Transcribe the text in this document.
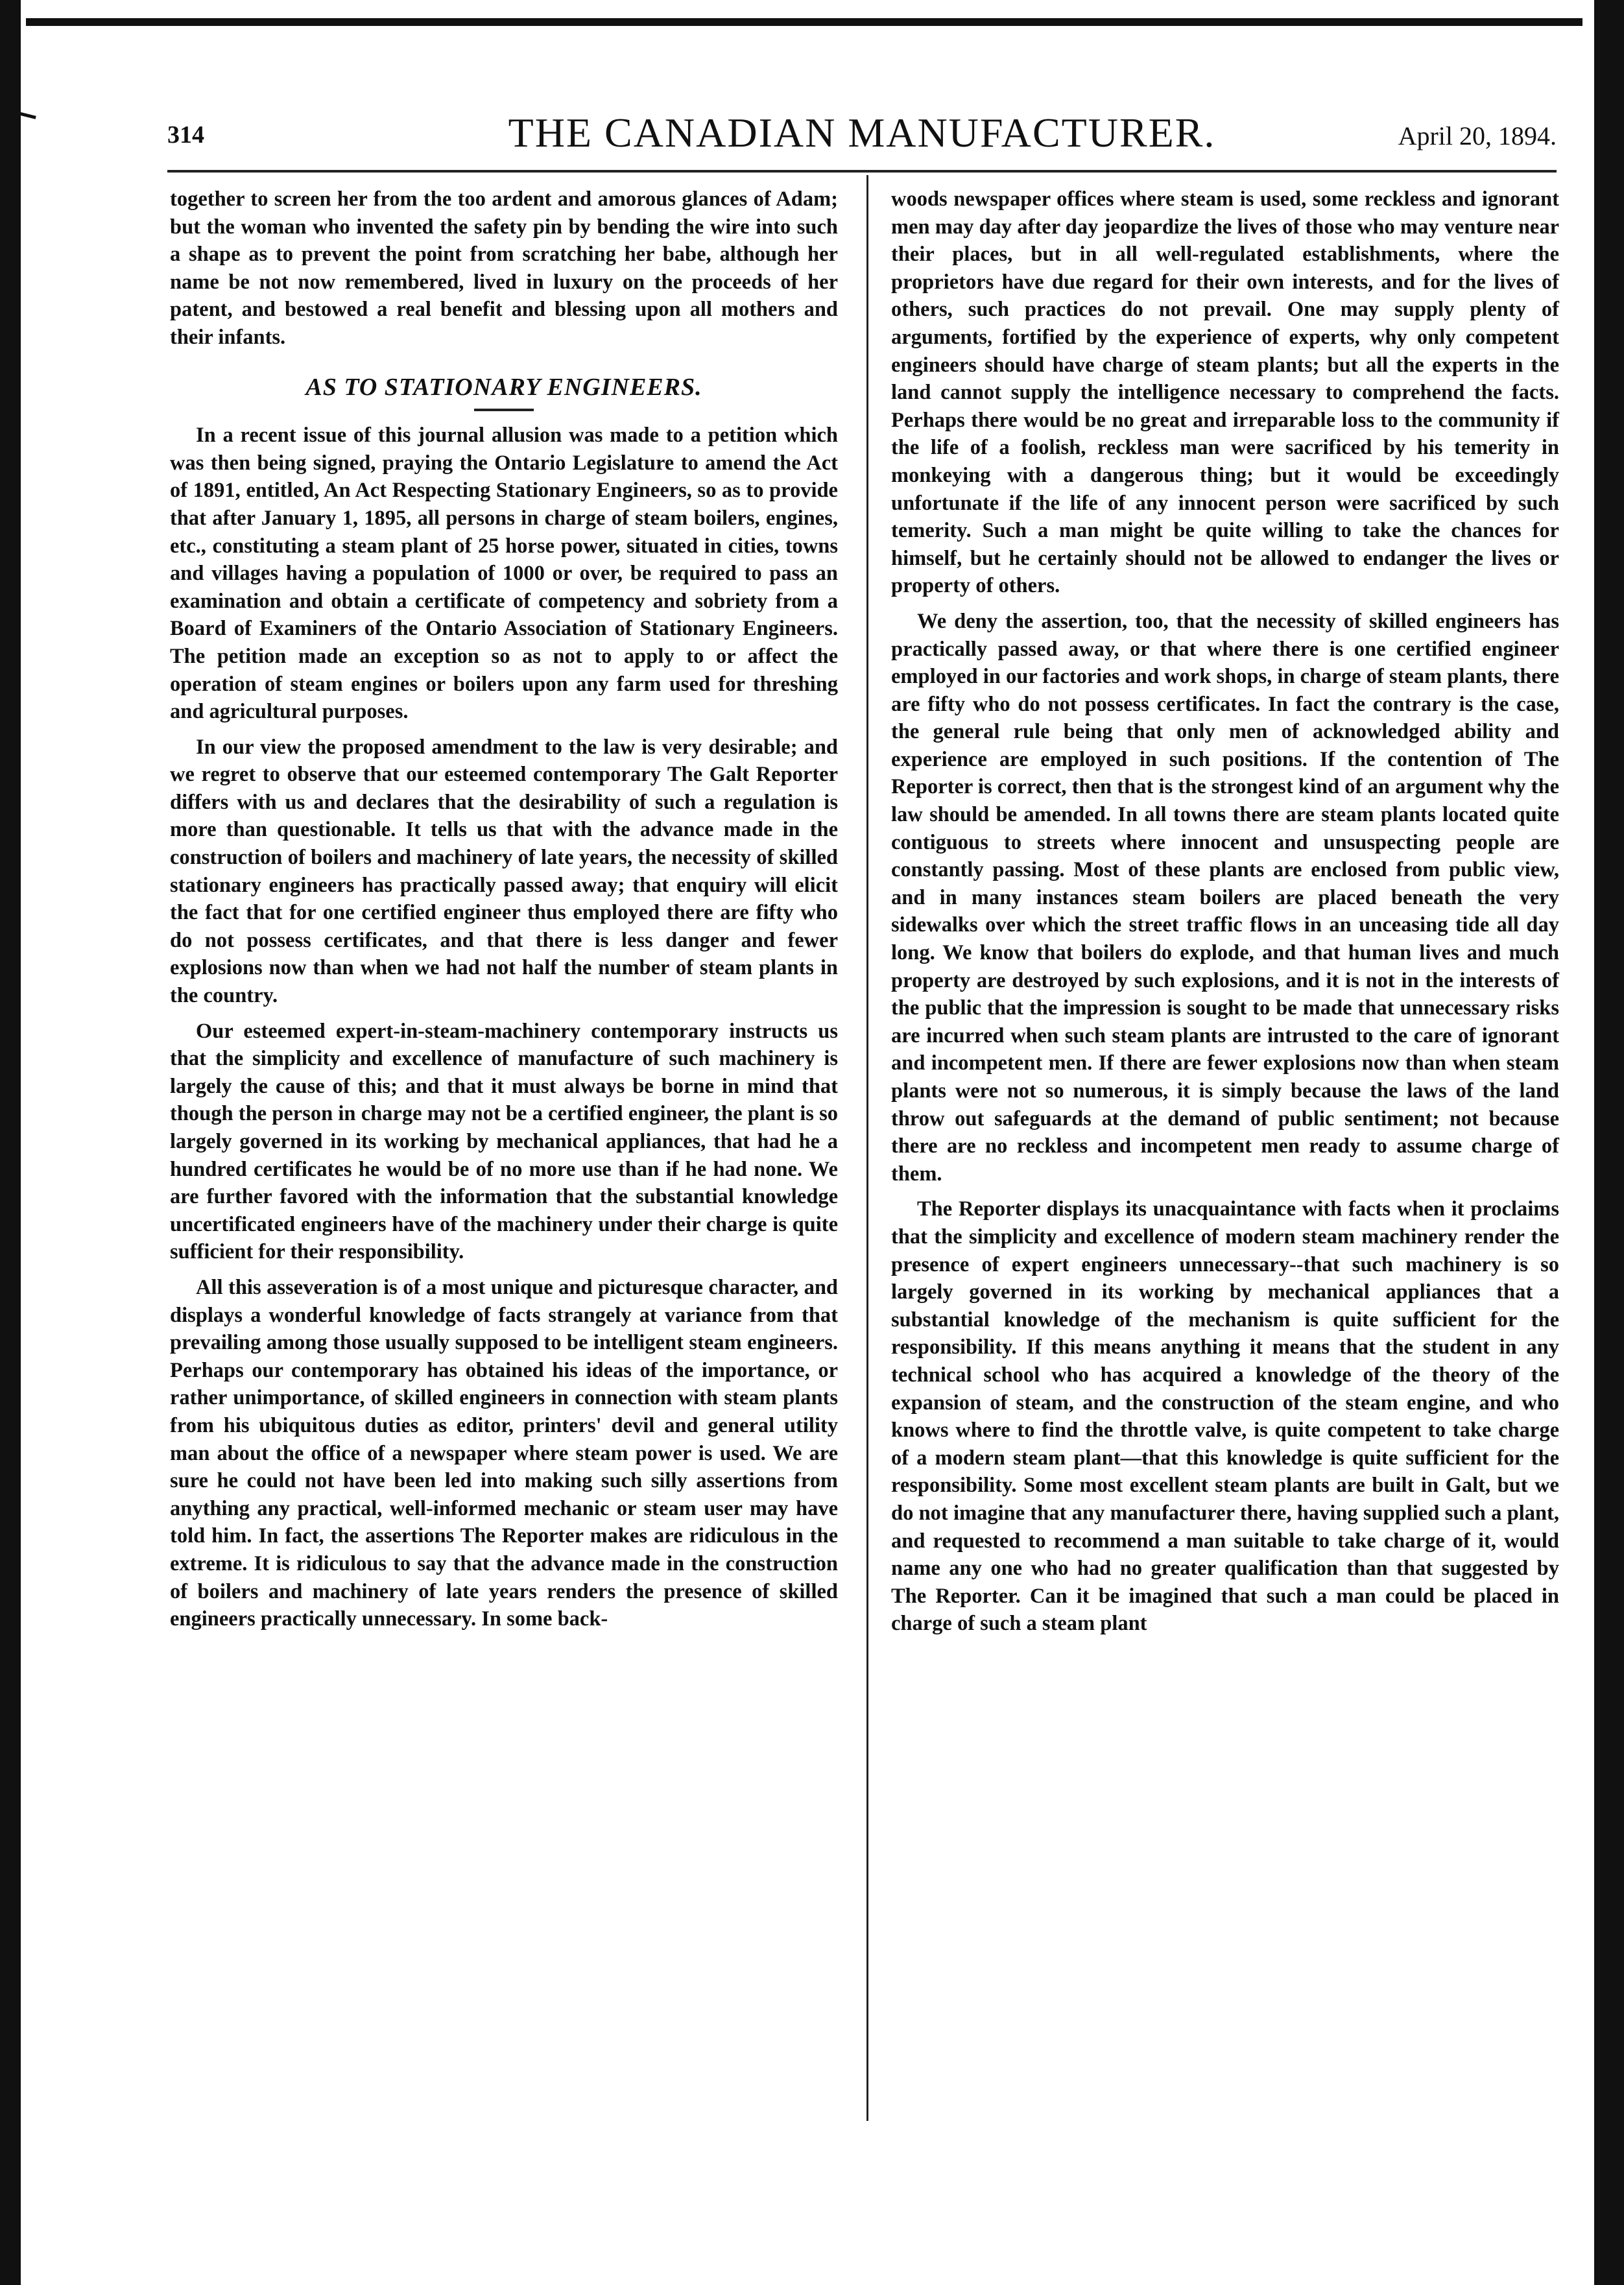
314	THE CANADIAN MANUFACTURER.	April 20, 1894.

together to screen her from the too ardent and amorous glances of Adam; but the woman who invented the safety pin by bending the wire into such a shape as to prevent the point from scratching her babe, although her name be not now remembered, lived in luxury on the proceeds of her patent, and bestowed a real benefit and blessing upon all mothers and their infants.

AS TO STATIONARY ENGINEERS.

In a recent issue of this journal allusion was made to a petition which was then being signed, praying the Ontario Legislature to amend the Act of 1891, entitled, An Act Respecting Stationary Engineers, so as to provide that after January 1, 1895, all persons in charge of steam boilers, engines, etc., constituting a steam plant of 25 horse power, situated in cities, towns and villages having a population of 1000 or over, be required to pass an examination and obtain a certificate of competency and sobriety from a Board of Examiners of the Ontario Association of Stationary Engineers. The petition made an exception so as not to apply to or affect the operation of steam engines or boilers upon any farm used for threshing and agricultural purposes.

In our view the proposed amendment to the law is very desirable; and we regret to observe that our esteemed contemporary The Galt Reporter differs with us and declares that the desirability of such a regulation is more than questionable. It tells us that with the advance made in the construction of boilers and machinery of late years, the necessity of skilled stationary engineers has practically passed away; that enquiry will elicit the fact that for one certified engineer thus employed there are fifty who do not possess certificates, and that there is less danger and fewer explosions now than when we had not half the number of steam plants in the country.

Our esteemed expert-in-steam-machinery contemporary instructs us that the simplicity and excellence of manufacture of such machinery is largely the cause of this; and that it must always be borne in mind that though the person in charge may not be a certified engineer, the plant is so largely governed in its working by mechanical appliances, that had he a hundred certificates he would be of no more use than if he had none. We are further favored with the information that the substantial knowledge uncertificated engineers have of the machinery under their charge is quite sufficient for their responsibility.

All this asseveration is of a most unique and picturesque character, and displays a wonderful knowledge of facts strangely at variance from that prevailing among those usually supposed to be intelligent steam engineers. Perhaps our contemporary has obtained his ideas of the importance, or rather unimportance, of skilled engineers in connection with steam plants from his ubiquitous duties as editor, printers' devil and general utility man about the office of a newspaper where steam power is used. We are sure he could not have been led into making such silly assertions from anything any practical, well-informed mechanic or steam user may have told him. In fact, the assertions The Reporter makes are ridiculous in the extreme. It is ridiculous to say that the advance made in the construction of boilers and machinery of late years renders the presence of skilled engineers practically unnecessary. In some back-

woods newspaper offices where steam is used, some reckless and ignorant men may day after day jeopardize the lives of those who may venture near their places, but in all well-regulated establishments, where the proprietors have due regard for their own interests, and for the lives of others, such practices do not prevail. One may supply plenty of arguments, fortified by the experience of experts, why only competent engineers should have charge of steam plants; but all the experts in the land cannot supply the intelligence necessary to comprehend the facts. Perhaps there would be no great and irreparable loss to the community if the life of a foolish, reckless man were sacrificed by his temerity in monkeying with a dangerous thing; but it would be exceedingly unfortunate if the life of any innocent person were sacrificed by such temerity. Such a man might be quite willing to take the chances for himself, but he certainly should not be allowed to endanger the lives or property of others.

We deny the assertion, too, that the necessity of skilled engineers has practically passed away, or that where there is one certified engineer employed in our factories and work shops, in charge of steam plants, there are fifty who do not possess certificates. In fact the contrary is the case, the general rule being that only men of acknowledged ability and experience are employed in such positions. If the contention of The Reporter is correct, then that is the strongest kind of an argument why the law should be amended. In all towns there are steam plants located quite contiguous to streets where innocent and unsuspecting people are constantly passing. Most of these plants are enclosed from public view, and in many instances steam boilers are placed beneath the very sidewalks over which the street traffic flows in an unceasing tide all day long. We know that boilers do explode, and that human lives and much property are destroyed by such explosions, and it is not in the interests of the public that the impression is sought to be made that unnecessary risks are incurred when such steam plants are intrusted to the care of ignorant and incompetent men. If there are fewer explosions now than when steam plants were not so numerous, it is simply because the laws of the land throw out safeguards at the demand of public sentiment; not because there are no reckless and incompetent men ready to assume charge of them.

The Reporter displays its unacquaintance with facts when it proclaims that the simplicity and excellence of modern steam machinery render the presence of expert engineers unnecessary--that such machinery is so largely governed in its working by mechanical appliances that a substantial knowledge of the mechanism is quite sufficient for the responsibility. If this means anything it means that the student in any technical school who has acquired a knowledge of the theory of the expansion of steam, and the construction of the steam engine, and who knows where to find the throttle valve, is quite competent to take charge of a modern steam plant—that this knowledge is quite sufficient for the responsibility. Some most excellent steam plants are built in Galt, but we do not imagine that any manufacturer there, having supplied such a plant, and requested to recommend a man suitable to take charge of it, would name any one who had no greater qualification than that suggested by The Reporter. Can it be imagined that such a man could be placed in charge of such a steam plant
